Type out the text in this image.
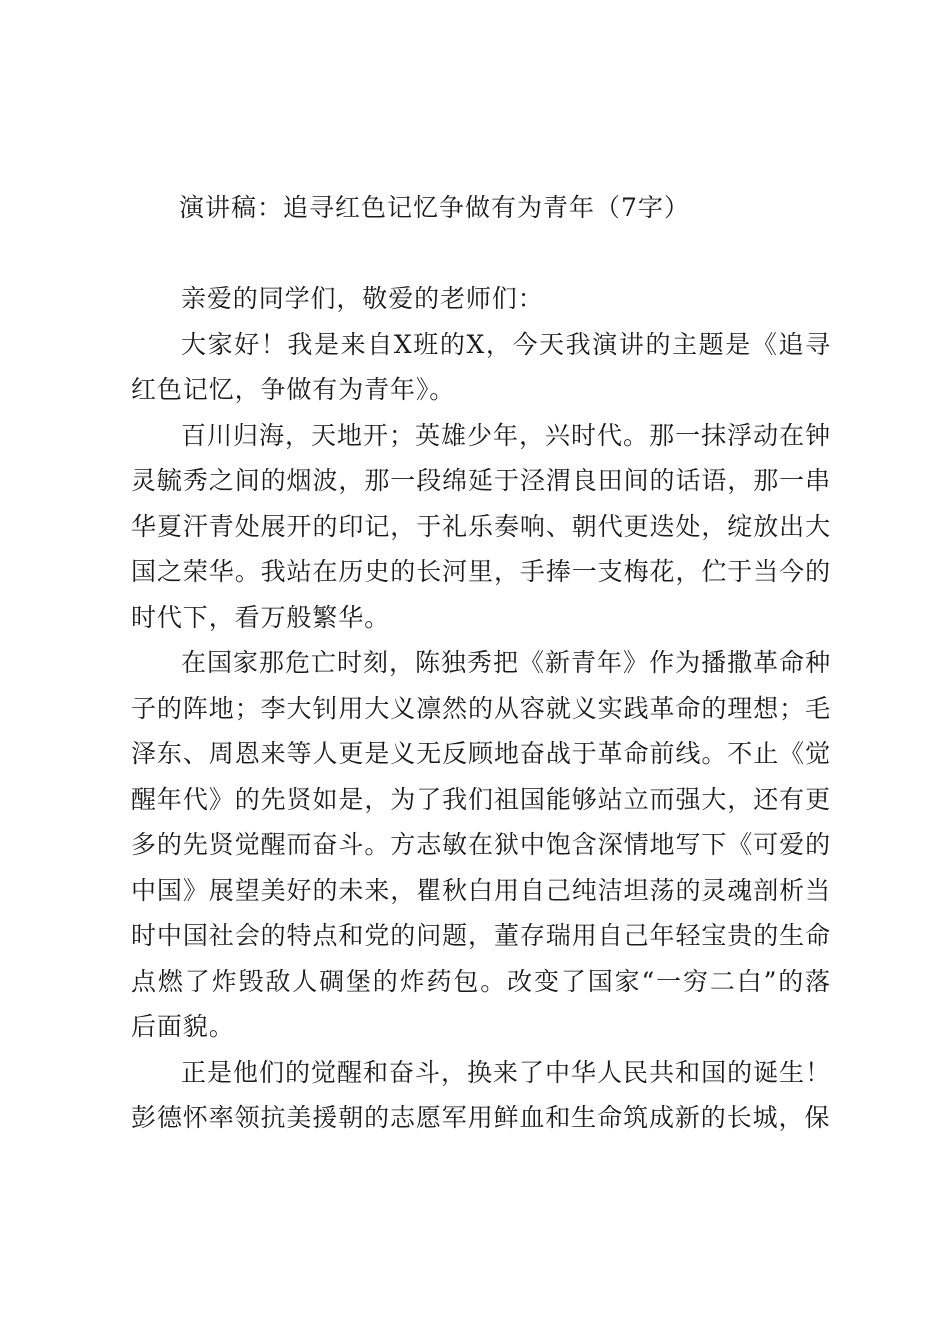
演讲稿：追寻红色记忆争做有为青年（7字）

亲爱的同学们，敬爱的老师们：

大家好！我是来自X班的X，今天我演讲的主题是《追寻红色记忆，争做有为青年》。

百川归海，天地开；英雄少年，兴时代。那一抹浮动在钟灵毓秀之间的烟波，那一段绵延于泾渭良田间的话语，那一串华夏汗青处展开的印记，于礼乐奏响、朝代更迭处，绽放出大国之荣华。我站在历史的长河里，手捧一支梅花，伫于当今的时代下，看万般繁华。

在国家那危亡时刻，陈独秀把《新青年》作为播撒革命种子的阵地；李大钊用大义凛然的从容就义实践革命的理想；毛泽东、周恩来等人更是义无反顾地奋战于革命前线。不止《觉醒年代》的先贤如是，为了我们祖国能够站立而强大，还有更多的先贤觉醒而奋斗。方志敏在狱中饱含深情地写下《可爱的中国》展望美好的未来，瞿秋白用自己纯洁坦荡的灵魂剖析当时中国社会的特点和党的问题，董存瑞用自己年轻宝贵的生命点燃了炸毁敌人碉堡的炸药包。改变了国家“一穷二白”的落后面貌。

正是他们的觉醒和奋斗，换来了中华人民共和国的诞生！彭德怀率领抗美援朝的志愿军用鲜血和生命筑成新的长城，保
